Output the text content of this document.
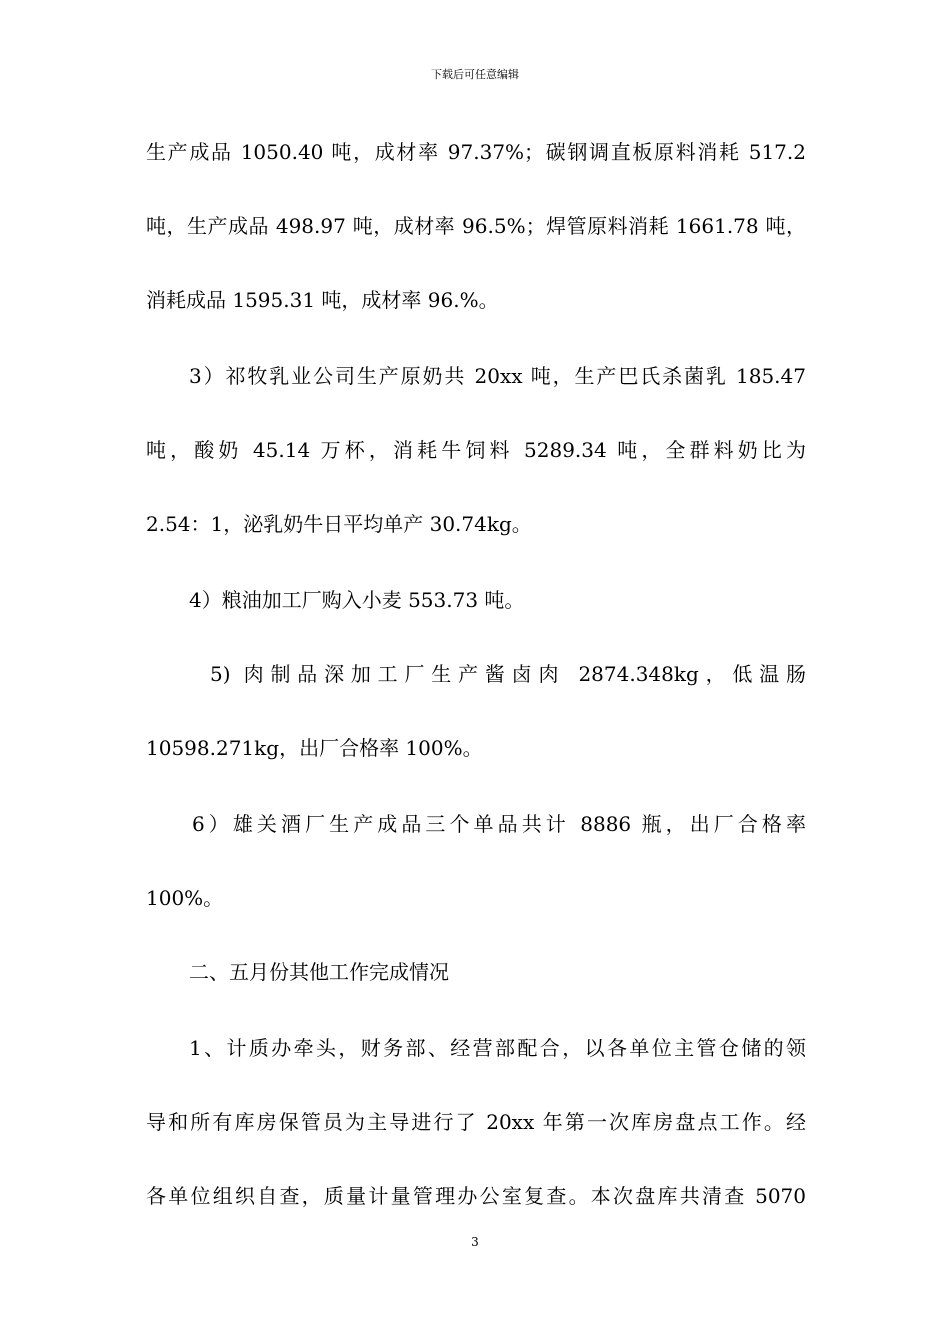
下载后可任意编辑
生产成品 1050.40 吨，成材率 97.37%；碳钢调直板原料消耗 517.2
吨，生产成品 498.97 吨，成材率 96.5%；焊管原料消耗 1661.78 吨，
消耗成品 1595.31 吨，成材率 96.%。
3）祁牧乳业公司生产原奶共 20xx 吨，生产巴氏杀菌乳 185.47
吨，酸奶 45.14 万杯，消耗牛饲料 5289.34 吨，全群料奶比为
2.54：1，泌乳奶牛日平均单产 30.74kg。
4）粮油加工厂购入小麦 553.73 吨。
5) 肉制品深加工厂生产酱卤肉 2874.348kg，低温肠
10598.271kg，出厂合格率 100%。
6）雄关酒厂生产成品三个单品共计 8886 瓶，出厂合格率
100%。
二、五月份其他工作完成情况
1、计质办牵头，财务部、经营部配合，以各单位主管仓储的领
导和所有库房保管员为主导进行了 20xx 年第一次库房盘点工作。经
各单位组织自查，质量计量管理办公室复查。本次盘库共清查 5070
3
